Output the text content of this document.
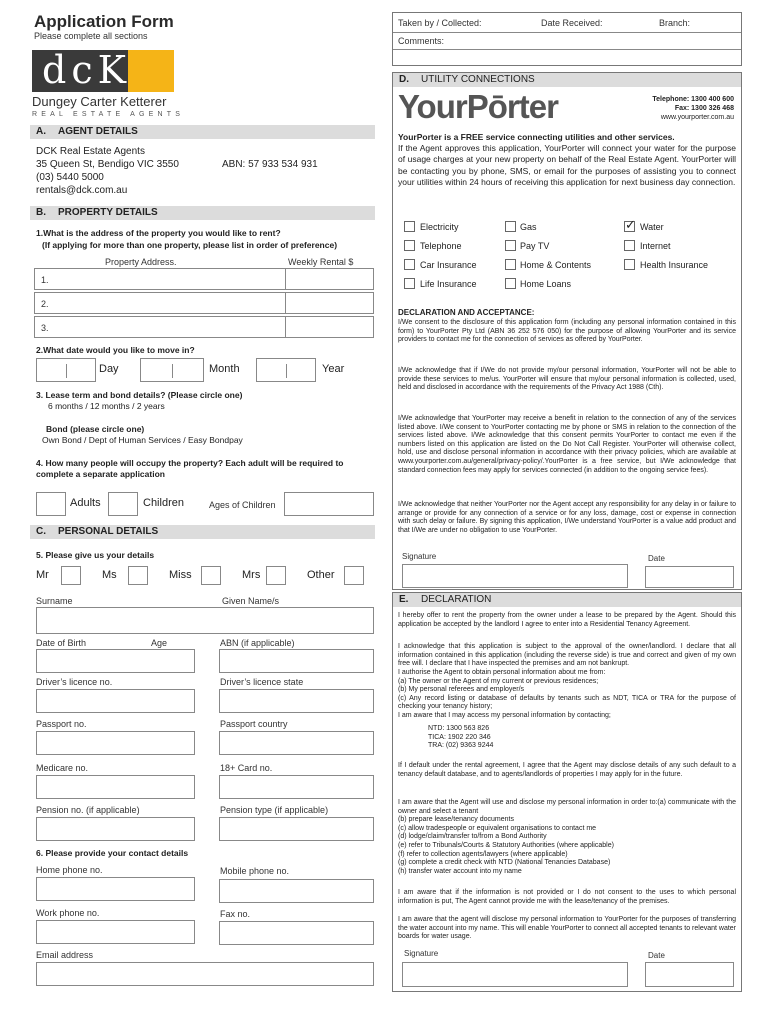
Application Form
Please complete all sections
dcK
Dungey Carter Ketterer
REAL ESTATE AGENTS
A. AGENT DETAILS
DCK Real Estate Agents
35 Queen St, Bendigo VIC 3550	ABN: 57 933 534 931
(03) 5440 5000
rentals@dck.com.au
B. PROPERTY DETAILS
1.What is the address of the property you would like to rent?
(If applying for more than one property, please list in order of preference)
Property Address.	Weekly Rental $
1.
2.
3.
2.What date would you like to move in?
Day	Month	Year
3. Lease term and bond details? (Please circle one)
6 months / 12 months / 2 years
Bond (please circle one)
Own Bond / Dept of Human Services / Easy Bondpay
4. How many people will occupy the property? Each adult will be required to complete a separate application
Adults	Children	Ages of Children
C. PERSONAL DETAILS
5. Please give us your details
Mr	Ms	Miss	Mrs	Other
Surname	Given Name/s
Date of Birth	Age	ABN (if applicable)
Driver’s licence no.	Driver’s licence state
Passport no.	Passport country
Medicare no.	18+ Card no.
Pension no. (if applicable)	Pension type (if applicable)
6. Please provide your contact details
Home phone no.	Mobile phone no.
Work phone no.	Fax no.
Email address
Taken by / Collected:	Date Received:	Branch:
Comments:
D. UTILITY CONNECTIONS
YourPōrter	Telephone: 1300 400 600
Fax: 1300 326 468
www.yourporter.com.au
YourPorter is a FREE service connecting utilities and other services.
If the Agent approves this application, YourPorter will connect your water for the purpose of usage charges at your new property on behalf of the Real Estate Agent. YourPorter will be contacting you by phone, SMS, or email for the purposes of assisting you to connect your utilities within 24 hours of receiving this application for next business day connection.
Electricity	Gas	✓ Water
Telephone	Pay TV	Internet
Car Insurance	Home & Contents	Health Insurance
Life Insurance	Home Loans
DECLARATION AND ACCEPTANCE:
I/We consent to the disclosure of this application form (including any personal information contained in this form) to YourPorter Pty Ltd (ABN 36 252 576 050) for the purpose of allowing YourPorter and its service providers to contact me for the connection of services as offered by YourPorter.
I/We acknowledge that if I/We do not provide my/our personal information, YourPorter will not be able to provide these services to me/us. YourPorter will ensure that my/our personal information is collected, used, held and disclosed in accordance with the requirements of the Privacy Act 1988 (Cth).
I/We acknowledge that YourPorter may receive a benefit in relation to the connection of any of the services listed above. I/We consent to YourPorter contacting me by phone or SMS in relation to the connection of the services listed above. I/We acknowledge that this consent permits YourPorter to contact me even if the numbers listed on this application are listed on the Do Not Call Register. YourPorter will otherwise collect, hold, use and disclose personal information in accordance with their privacy policies, which are available at www.yourporter.com.au/general/privacy-policy/.YourPorter is a free service, but I/We acknowledge that standard connection fees may apply for services connected (in addition to the ongoing service fees).
I/We acknowledge that neither YourPorter nor the Agent accept any responsibility for any delay in or failure to arrange or provide for any connection of a service or for any loss, damage, cost or expense in connection with such delay or failure. By signing this application, I/We understand YourPorter is a value add product and that I/We are under no obligation to use YourPorter.
Signature	Date
E. DECLARATION
I hereby offer to rent the property from the owner under a lease to be prepared by the Agent. Should this application be accepted by the landlord I agree to enter into a Residential Tenancy Agreement.
I acknowledge that this application is subject to the approval of the owner/landlord. I declare that all information contained in this application (including the reverse side) is true and correct and given of my own free will. I declare that I have inspected the premises and am not bankrupt.
I authorise the Agent to obtain personal information about me from:
(a) The owner or the Agent of my current or previous residences;
(b) My personal referees and employer/s
(c) Any record listing or database of defaults by tenants such as NDT, TICA or TRA for the purpose of checking your tenancy history;
I am aware that I may access my personal information by contacting;
NTD: 1300 563 826
TICA: 1902 220 346
TRA: (02) 9363 9244
If I default under the rental agreement, I agree that the Agent may disclose details of any such default to a tenancy default database, and to agents/landlords of properties I may apply for in the future.
I am aware that the Agent will use and disclose my personal information in order to:(a) communicate with the owner and select a tenant
(b) prepare lease/tenancy documents
(c) allow tradespeople or equivalent organisations to contact me
(d) lodge/claim/transfer to/from a Bond Authority
(e) refer to Tribunals/Courts & Statutory Authorities (where applicable)
(f) refer to collection agents/lawyers (where applicable)
(g) complete a credit check with NTD (National Tenancies Database)
(h) transfer water account into my name
I am aware that if the information is not provided or I do not consent to the uses to which personal information is put, The Agent cannot provide me with the lease/tenancy of the premises.
I am aware that the agent will disclose my personal information to YourPorter for the purposes of transferring the water account into my name. This will enable YourPorter to connect all accepted tenants to relevant water boards for water usage.
Signature	Date
